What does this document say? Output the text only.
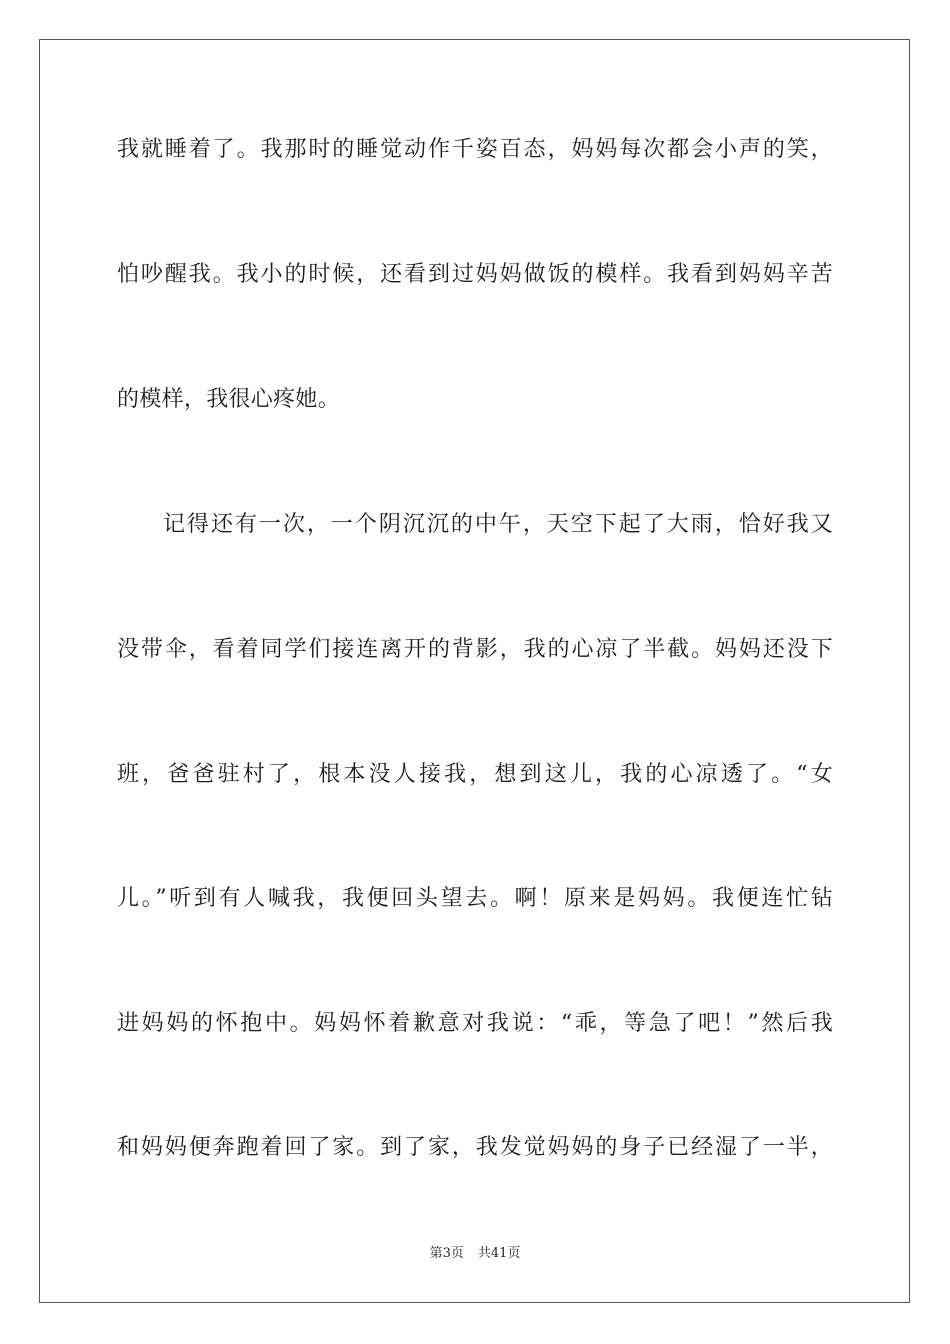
我就睡着了。我那时的睡觉动作千姿百态，妈妈每次都会小声的笑，
怕吵醒我。我小的时候，还看到过妈妈做饭的模样。我看到妈妈辛苦
的模样，我很心疼她。
记得还有一次，一个阴沉沉的中午，天空下起了大雨，恰好我又
没带伞，看着同学们接连离开的背影，我的心凉了半截。妈妈还没下
班，爸爸驻村了，根本没人接我，想到这儿，我的心凉透了。“女
儿。”听到有人喊我，我便回头望去。啊！原来是妈妈。我便连忙钻
进妈妈的怀抱中。妈妈怀着歉意对我说：“乖，等急了吧！”然后我
和妈妈便奔跑着回了家。到了家，我发觉妈妈的身子已经湿了一半，
第3页 共41页
